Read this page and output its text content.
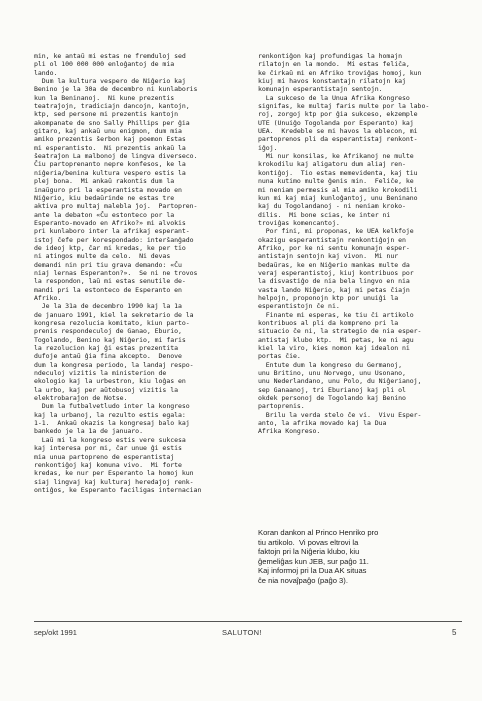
min, ke antaŭ mi estas ne fremduloj sed
pli ol 100 000 000 enloĝantoj de mia
lando.
Dum la kultura vespero de Niĝerio kaj
Benino je la 30a de decembro ni kunlaboris
kun la Beninanoj.  Ni kune prezentis
teatraĵojn, tradiciajn dancojn, kantojn,
ktp, sed persone mi prezentis kantojn
akompanate de sno Sally Phillips per ĝia
gitaro, kaj ankaŭ unu enigmon, dum mia
amiko prezentis ŝerbon kaj poemon Estas
mi esperantisto.  Ni prezentis ankaŭ la
ŝeatraĵon La malbonoj de lingva diverseco.
Ĉiu partoprenanto nepre konfesos, ke la
niĝeria/benina kultura vespero estis la
plej bona.  Mi ankaŭ rakontis dum la
inaŭguro pri la esperantista movado en
Niĝerio, kiu bedaŭrinde ne estas tre
aktiva pro multaj malebla ĵoj.  Partopren-
ante la debaton «Ĉu estonteco por la
Esperanto-movado en Afriko?» mi alvokis
pri kunlaboro inter la afrikaj esperant-
istoj ĉefe per korespondado: interŝanĝado
de ideoj ktp, ĉar mi kredas, ke per tio
ni atingos multe da celo.  Ni devas
demandi nin pri tiu grava demando: «Ĉu
niaj lernas Esperanton?».  Se ni ne trovos
la respondon, laŭ mi estas senutile de-
mandi pri la estonteco de Esperanto en
Afriko.
Je la 31a de decembro 1990 kaj la 1a
de januaro 1991, kiel la sekretario de la
kongresa rezolucia komitato, kiun parto-
prenis respondeculoj de Ganao, Eburio,
Togolando, Benino kaj Niĝerio, mi faris
la rezolucion kaj ĝi estas prezentita
dufoje antaŭ ĝia fina akcepto.  Denove
dum la kongresa periodo, la landaj respo-
ndeculoj vizitis la ministerion de
ekologio kaj la urbestron, kiu loĝas en
la urbo, kaj per aŭtobusoj vizitis la
elektrobaraĵon de Notse.
Dum la futbalvetludo inter la kongreso
kaj la urbanoj, la rezulto estis egala:
1-1.  Ankaŭ okazis la kongresaj balo kaj
bankedo je la 1a de januaro.
Laŭ mi la kongreso estis vere sukcesa
kaj interesa por mi, ĉar unue ĝi estis
mia unua partopreno de esperantistaj
renkontiĝoj kaj komuna vivo.  Mi forte
kredas, ke nur per Esperanto la homoj kun
siaj lingvaj kaj kulturaj heredaĵoj renk-
ontiĝos, ke Esperanto faciligas internacian
renkontiĝon kaj profundigas la homajn
rilatojn en la mondo.  Mi estas feliĉa,
ke ĉirkaŭ mi en Afriko troviĝas homoj, kun
kiuj mi havos konstantajn rilatojn kaj
komunajn esperantistajn sentojn.
La sukceso de la Unua Afrika Kongreso
signifas, ke multaj faris multe por la labo-
roj, zorgoj ktp por ĝia sukceso, ekzemple
UTE (Unuiĝo Togolanda por Esperanto) kaj
UEA.  Kredeble se mi havos la eblecon, mi
partoprenos pli da esperantistaj renkont-
iĝoj.
Mi nur konsilas, ke Afrikanoj ne multe
krokodilu kaj aligatoru dum aliaj ren-
kontiĝoj.  Tio estas memevidenta, kaj tiu
nuna kutimo multe ĝenis min.  Feliĉe, ke
mi neniam permesis al mia amiko krokodili
kun mi kaj miaj kunloĝantoj, unu Beninano
kaj du Togolandanoj - ni neniam kroko-
dilis.  Mi bone scias, ke inter ni
troviĝas komencantoj.
Por fini, mi proponas, ke UEA kelkfoje
okazigu esperantistajn renkontiĝojn en
Afriko, por ke ni sentu komunajn esper-
antistajn sentojn kaj vivon.  Mi nur
bedaŭras, ke en Niĝerio mankas multe da
veraj esperantistoj, kiuj kontribuos por
la disvastiĝo de nia bela lingvo en nia
vasta lando Niĝerio, kaj mi petas ĉiajn
helpojn, proponojn ktp por unuiĝi la
esperantistojn ĉe ni.
Finante mi esperas, ke tiu ĉi artikolo
kontribuos al pli da kompreno pri la
situacio ĉe ni, la strategio de nia esper-
antistaj klubo ktp.  Mi petas, ke ni agu
kiel la viro, kies nomon kaj idealon ni
portas ĉie.
Entute dum la kongreso du Germanoj,
unu Britino, unu Norvego, unu Usonano,
unu Nederlandano, unu Polo, du Niĝerianoj,
sep Ganaanoj, tri Eburianoj kaj pli ol
okdek personoj de Togolando kaj Benino
partoprenis.
Brilu la verda stelo ĉe vi.  Vivu Esper-
anto, la afrika movado kaj la Dua
Afrika Kongreso.
Koran dankon al Princo Henriko pro
tiu artikolo.  Vi povas eltrovi la
faktojn pri la Niĝeria klubo, kiu
ĝemeliĝas kun JEB, sur paĝo 11.
Kaj informoj pri la Dua AK situas
ĉe nia novaĵpaĝo (paĝo 3).
sep/okt 1991	SALUTON!	5
